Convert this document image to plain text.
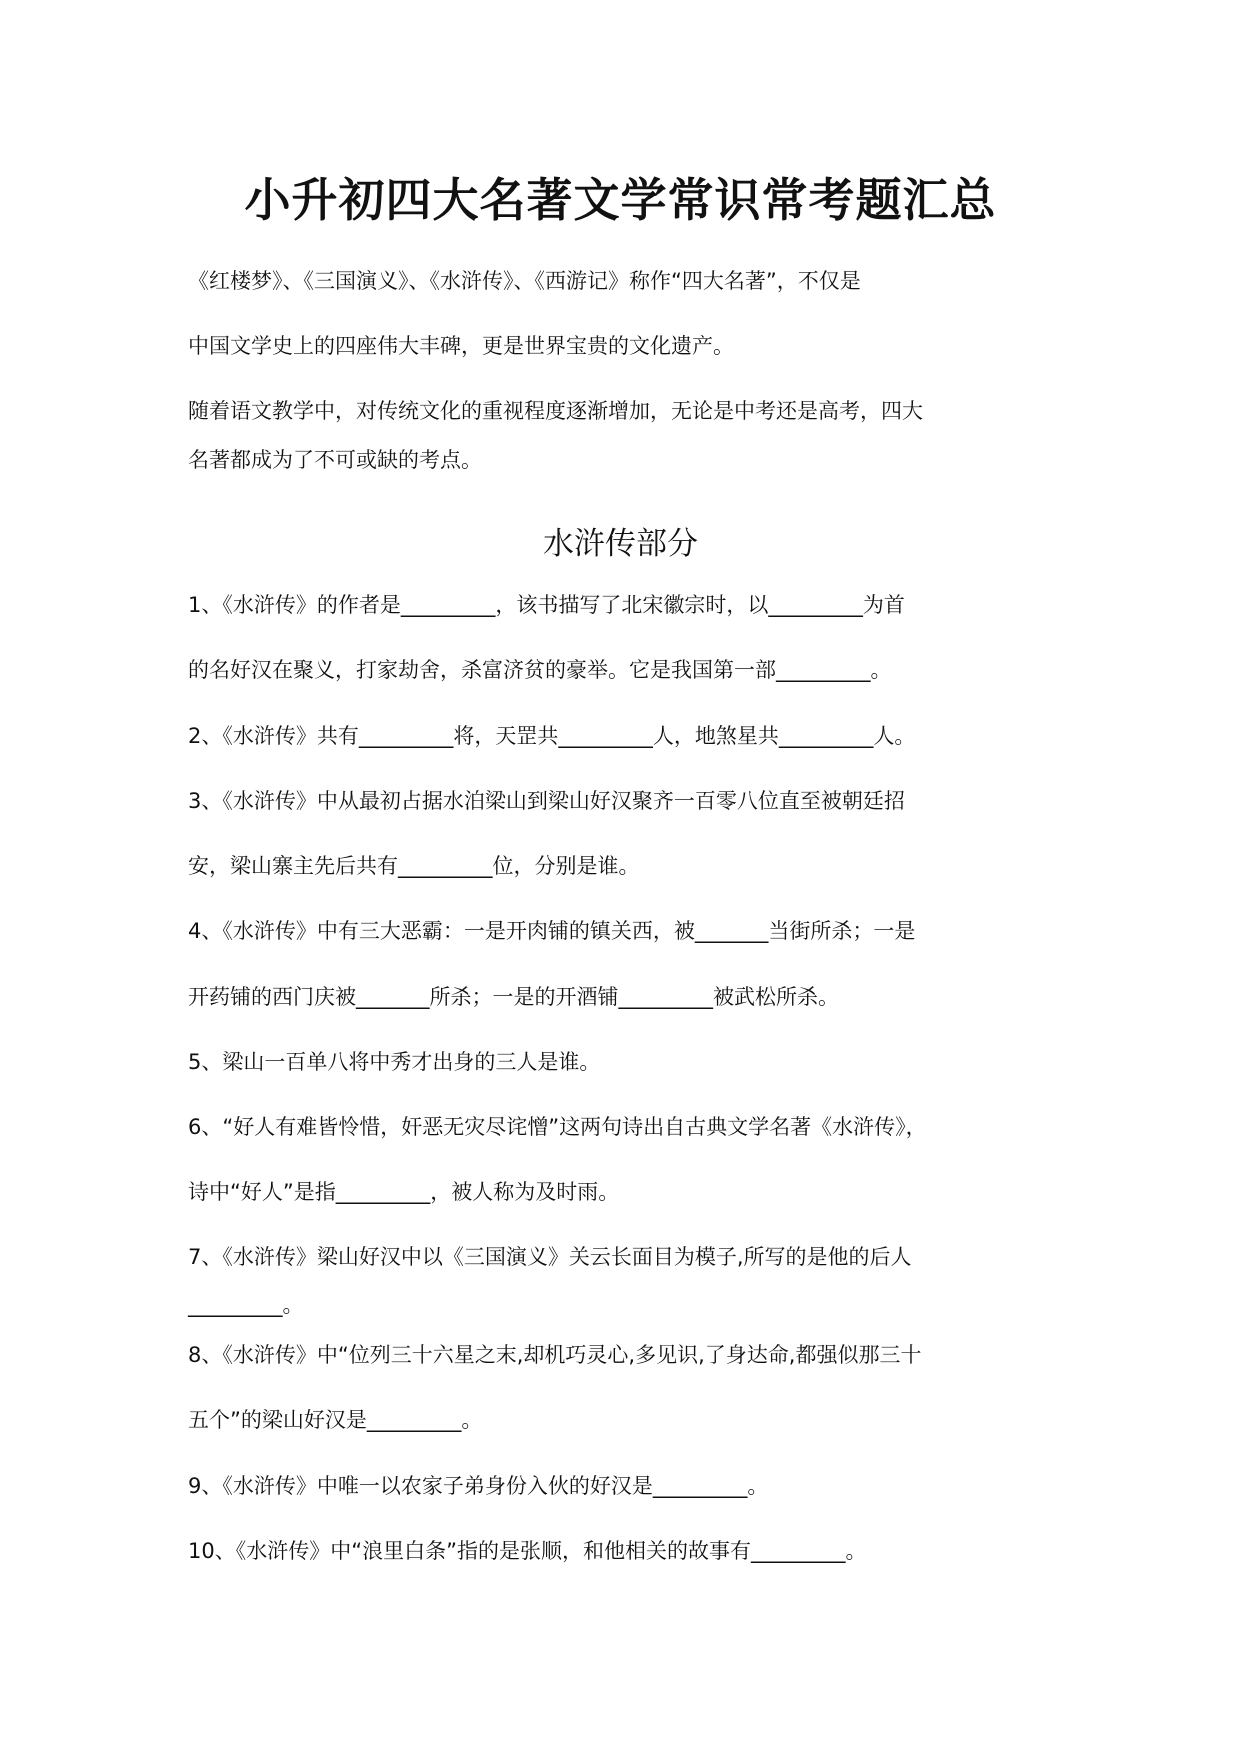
小升初四大名著文学常识常考题汇总

《红楼梦》、《三国演义》、《水浒传》、《西游记》称作“四大名著”，不仅是

中国文学史上的四座伟大丰碑，更是世界宝贵的文化遗产。

随着语文教学中，对传统文化的重视程度逐渐增加，无论是中考还是高考，四大

名著都成为了不可或缺的考点。

水浒传部分

1、《水浒传》的作者是_________，该书描写了北宋徽宗时，以_________为首

的名好汉在聚义，打家劫舍，杀富济贫的豪举。它是我国第一部_________。

2、《水浒传》共有_________将，天罡共_________人，地煞星共_________人。

3、《水浒传》中从最初占据水泊梁山到梁山好汉聚齐一百零八位直至被朝廷招

安，梁山寨主先后共有_________位，分别是谁。

4、《水浒传》中有三大恶霸：一是开肉铺的镇关西，被_______当街所杀；一是

开药铺的西门庆被_______所杀；一是的开酒铺_________被武松所杀。

5、梁山一百单八将中秀才出身的三人是谁。

6、“好人有难皆怜惜，奸恶无灾尽诧憎”这两句诗出自古典文学名著《水浒传》，

诗中“好人”是指_________，被人称为及时雨。

7、《水浒传》梁山好汉中以《三国演义》关云长面目为模子,所写的是他的后人

_________。

8、《水浒传》中“位列三十六星之末,却机巧灵心,多见识,了身达命,都强似那三十

五个”的梁山好汉是_________。

9、《水浒传》中唯一以农家子弟身份入伙的好汉是_________。

10、《水浒传》中“浪里白条”指的是张顺，和他相关的故事有_________。
